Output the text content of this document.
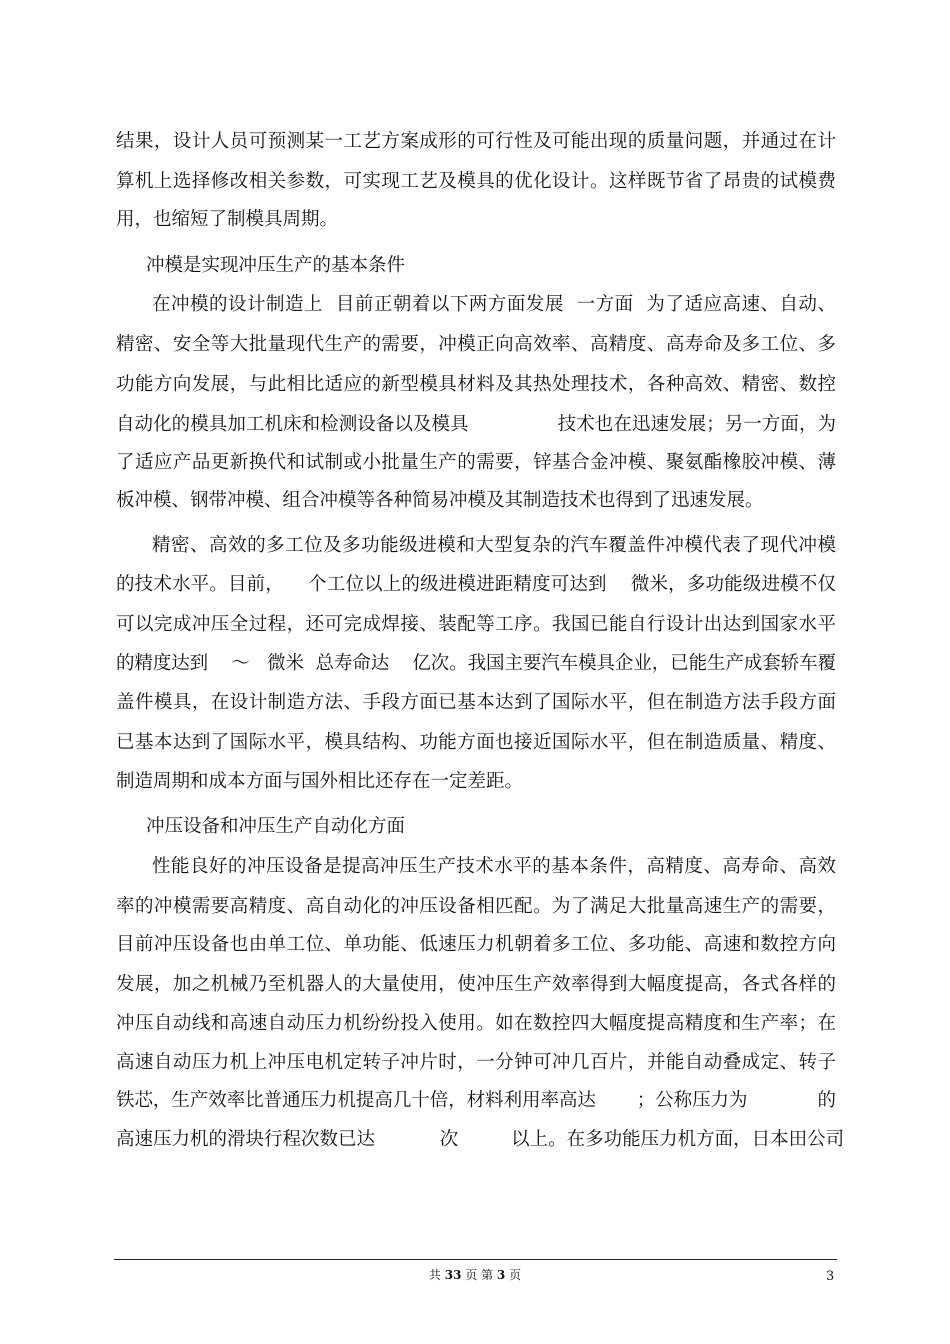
结果，设计人员可预测某一工艺方案成形的可行性及可能出现的质量问题，并通过在计
算机上选择修改相关参数，可实现工艺及模具的优化设计。这样既节省了昂贵的试模费
用，也缩短了制模具周期。
冲模是实现冲压生产的基本条件
在冲模的设计制造上  目前正朝着以下两方面发展  一方面  为了适应高速、自动、
精密、安全等大批量现代生产的需要，冲模正向高效率、高精度、高寿命及多工位、多
功能方向发展，与此相比适应的新型模具材料及其热处理技术，各种高效、精密、数控
自动化的模具加工机床和检测设备以及模具               技术也在迅速发展；另一方面，为
了适应产品更新换代和试制或小批量生产的需要，锌基合金冲模、聚氨酯橡胶冲模、薄
板冲模、钢带冲模、组合冲模等各种简易冲模及其制造技术也得到了迅速发展。
精密、高效的多工位及多功能级进模和大型复杂的汽车覆盖件冲模代表了现代冲模
的技术水平。目前，    个工位以上的级进模进距精度可达到    微米，多功能级进模不仅
可以完成冲压全过程，还可完成焊接、装配等工序。我国已能自行设计出达到国家水平
的精度达到    ～   微米  总寿命达    亿次。我国主要汽车模具企业，已能生产成套轿车覆
盖件模具，在设计制造方法、手段方面已基本达到了国际水平，但在制造方法手段方面
已基本达到了国际水平，模具结构、功能方面也接近国际水平，但在制造质量、精度、
制造周期和成本方面与国外相比还存在一定差距。
冲压设备和冲压生产自动化方面
性能良好的冲压设备是提高冲压生产技术水平的基本条件，高精度、高寿命、高效
率的冲模需要高精度、高自动化的冲压设备相匹配。为了满足大批量高速生产的需要，
目前冲压设备也由单工位、单功能、低速压力机朝着多工位、多功能、高速和数控方向
发展，加之机械乃至机器人的大量使用，使冲压生产效率得到大幅度提高，各式各样的
冲压自动线和高速自动压力机纷纷投入使用。如在数控四大幅度提高精度和生产率；在
高速自动压力机上冲压电机定转子冲片时，一分钟可冲几百片，并能自动叠成定、转子
铁芯，生产效率比普通压力机提高几十倍，材料利用率高达       ；公称压力为            的
高速压力机的滑块行程次数已达           次         以上。在多功能压力机方面，日本田公司
共 33 页 第 3 页	3
